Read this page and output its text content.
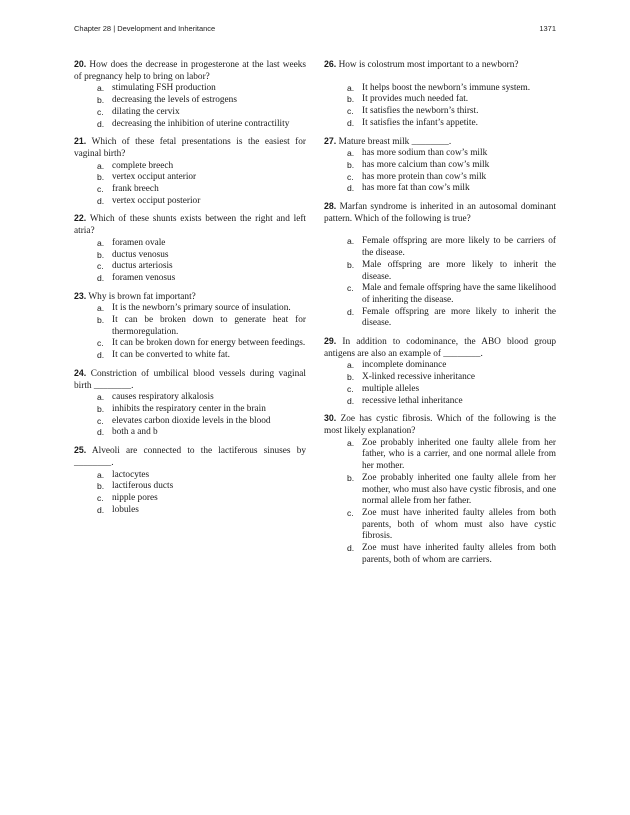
Chapter 28 | Development and Inheritance	1371
20. How does the decrease in progesterone at the last weeks of pregnancy help to bring on labor?
a. stimulating FSH production
b. decreasing the levels of estrogens
c. dilating the cervix
d. decreasing the inhibition of uterine contractility
21. Which of these fetal presentations is the easiest for vaginal birth?
a. complete breech
b. vertex occiput anterior
c. frank breech
d. vertex occiput posterior
22. Which of these shunts exists between the right and left atria?
a. foramen ovale
b. ductus venosus
c. ductus arteriosis
d. foramen venosus
23. Why is brown fat important?
a. It is the newborn’s primary source of insulation.
b. It can be broken down to generate heat for thermoregulation.
c. It can be broken down for energy between feedings.
d. It can be converted to white fat.
24. Constriction of umbilical blood vessels during vaginal birth ________.
a. causes respiratory alkalosis
b. inhibits the respiratory center in the brain
c. elevates carbon dioxide levels in the blood
d. both a and b
25. Alveoli are connected to the lactiferous sinuses by ________.
a. lactocytes
b. lactiferous ducts
c. nipple pores
d. lobules
26. How is colostrum most important to a newborn?
a. It helps boost the newborn’s immune system.
b. It provides much needed fat.
c. It satisfies the newborn’s thirst.
d. It satisfies the infant’s appetite.
27. Mature breast milk ________.
a. has more sodium than cow’s milk
b. has more calcium than cow’s milk
c. has more protein than cow’s milk
d. has more fat than cow’s milk
28. Marfan syndrome is inherited in an autosomal dominant pattern. Which of the following is true?
a. Female offspring are more likely to be carriers of the disease.
b. Male offspring are more likely to inherit the disease.
c. Male and female offspring have the same likelihood of inheriting the disease.
d. Female offspring are more likely to inherit the disease.
29. In addition to codominance, the ABO blood group antigens are also an example of ________.
a. incomplete dominance
b. X-linked recessive inheritance
c. multiple alleles
d. recessive lethal inheritance
30. Zoe has cystic fibrosis. Which of the following is the most likely explanation?
a. Zoe probably inherited one faulty allele from her father, who is a carrier, and one normal allele from her mother.
b. Zoe probably inherited one faulty allele from her mother, who must also have cystic fibrosis, and one normal allele from her father.
c. Zoe must have inherited faulty alleles from both parents, both of whom must also have cystic fibrosis.
d. Zoe must have inherited faulty alleles from both parents, both of whom are carriers.
